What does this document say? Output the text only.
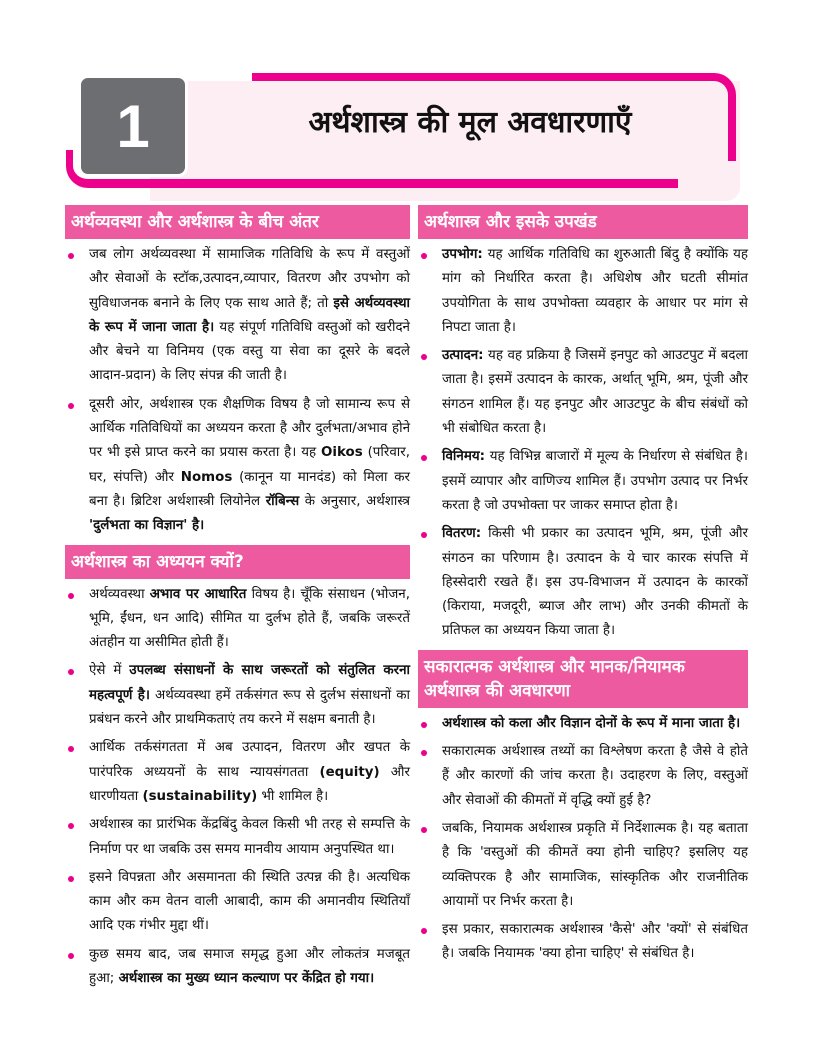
1	अर्थशास्त्र की मूल अवधारणाएँ
अर्थव्यवस्था और अर्थशास्त्र के बीच अंतर
जब लोग अर्थव्यवस्था में सामाजिक गतिविधि के रूप में वस्तुओं और सेवाओं के स्टॉक,उत्पादन,व्यापार, वितरण और उपभोग को सुविधाजनक बनाने के लिए एक साथ आते हैं; तो इसे अर्थव्यवस्था के रूप में जाना जाता है। यह संपूर्ण गतिविधि वस्तुओं को खरीदने और बेचने या विनिमय (एक वस्तु या सेवा का दूसरे के बदले आदान-प्रदान) के लिए संपन्न की जाती है।
दूसरी ओर, अर्थशास्त्र एक शैक्षणिक विषय है जो सामान्य रूप से आर्थिक गतिविधियों का अध्ययन करता है और दुर्लभता/अभाव होने पर भी इसे प्राप्त करने का प्रयास करता है। यह Oikos (परिवार, घर, संपत्ति) और Nomos (कानून या मानदंड) को मिला कर बना है। ब्रिटिश अर्थशास्त्री लियोनेल रॉबिन्स के अनुसार, अर्थशास्त्र 'दुर्लभता का विज्ञान' है।
अर्थशास्त्र का अध्ययन क्यों?
अर्थव्यवस्था अभाव पर आधारित विषय है। चूँकि संसाधन (भोजन, भूमि, ईंधन, धन आदि) सीमित या दुर्लभ होते हैं, जबकि जरूरतें अंतहीन या असीमित होती हैं।
ऐसे में उपलब्ध संसाधनों के साथ जरूरतों को संतुलित करना महत्वपूर्ण है। अर्थव्यवस्था हमें तर्कसंगत रूप से दुर्लभ संसाधनों का प्रबंधन करने और प्राथमिकताएं तय करने में सक्षम बनाती है।
आर्थिक तर्कसंगतता में अब उत्पादन, वितरण और खपत के पारंपरिक अध्ययनों के साथ न्यायसंगतता (equity) और धारणीयता (sustainability) भी शामिल है।
अर्थशास्त्र का प्रारंभिक केंद्रबिंदु केवल किसी भी तरह से सम्पत्ति के निर्माण पर था जबकि उस समय मानवीय आयाम अनुपस्थित था।
इसने विपन्नता और असमानता की स्थिति उत्पन्न की है। अत्यधिक काम और कम वेतन वाली आबादी, काम की अमानवीय स्थितियाँ आदि एक गंभीर मुद्दा थीं।
कुछ समय बाद, जब समाज समृद्ध हुआ और लोकतंत्र मजबूत हुआ; अर्थशास्त्र का मुख्य ध्यान कल्याण पर केंद्रित हो गया।
अर्थशास्त्र और इसके उपखंड
उपभोग: यह आर्थिक गतिविधि का शुरुआती बिंदु है क्योंकि यह मांग को निर्धारित करता है। अधिशेष और घटती सीमांत उपयोगिता के साथ उपभोक्ता व्यवहार के आधार पर मांग से निपटा जाता है।
उत्पादन: यह वह प्रक्रिया है जिसमें इनपुट को आउटपुट में बदला जाता है। इसमें उत्पादन के कारक, अर्थात् भूमि, श्रम, पूंजी और संगठन शामिल हैं। यह इनपुट और आउटपुट के बीच संबंधों को भी संबोधित करता है।
विनिमय: यह विभिन्न बाजारों में मूल्य के निर्धारण से संबंधित है। इसमें व्यापार और वाणिज्य शामिल हैं। उपभोग उत्पाद पर निर्भर करता है जो उपभोक्ता पर जाकर समाप्त होता है।
वितरण: किसी भी प्रकार का उत्पादन भूमि, श्रम, पूंजी और संगठन का परिणाम है। उत्पादन के ये चार कारक संपत्ति में हिस्सेदारी रखते हैं। इस उप-विभाजन में उत्पादन के कारकों (किराया, मजदूरी, ब्याज और लाभ) और उनकी कीमतों के प्रतिफल का अध्ययन किया जाता है।
सकारात्मक अर्थशास्त्र और मानक/नियामक अर्थशास्त्र की अवधारणा
अर्थशास्त्र को कला और विज्ञान दोनों के रूप में माना जाता है।
सकारात्मक अर्थशास्त्र तथ्यों का विश्लेषण करता है जैसे वे होते हैं और कारणों की जांच करता है। उदाहरण के लिए, वस्तुओं और सेवाओं की कीमतों में वृद्धि क्यों हुई है?
जबकि, नियामक अर्थशास्त्र प्रकृति में निर्देशात्मक है। यह बताता है कि 'वस्तुओं की कीमतें क्या होनी चाहिए? इसलिए यह व्यक्तिपरक है और सामाजिक, सांस्कृतिक और राजनीतिक आयामों पर निर्भर करता है।
इस प्रकार, सकारात्मक अर्थशास्त्र 'कैसे' और 'क्यों' से संबंधित है। जबकि नियामक 'क्या होना चाहिए' से संबंधित है।
